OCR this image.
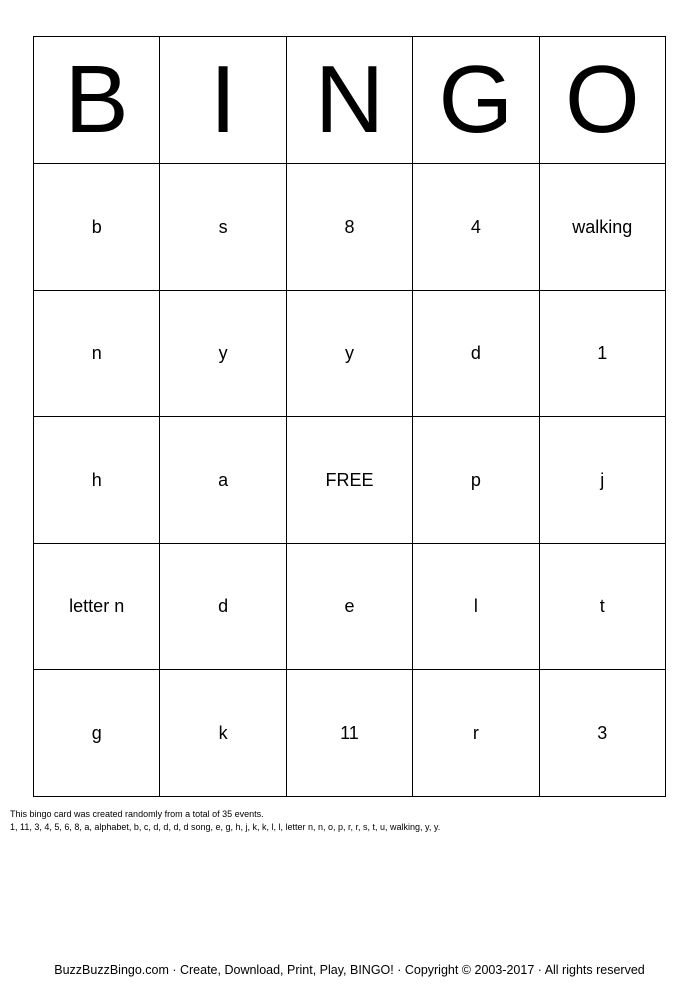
B	I	N	G	O
b	s	8	4	walking
n	y	y	d	1
h	a	FREE	p	j
letter n	d	e	l	t
g	k	11	r	3
This bingo card was created randomly from a total of 35 events.
1, 11, 3, 4, 5, 6, 8, a, alphabet, b, c, d, d, d, d song, e, g, h, j, k, k, l, l, letter n, n, o, p, r, r, s, t, u, walking, y, y.
BuzzBuzzBingo.com · Create, Download, Print, Play, BINGO! · Copyright © 2003-2017 · All rights reserved
